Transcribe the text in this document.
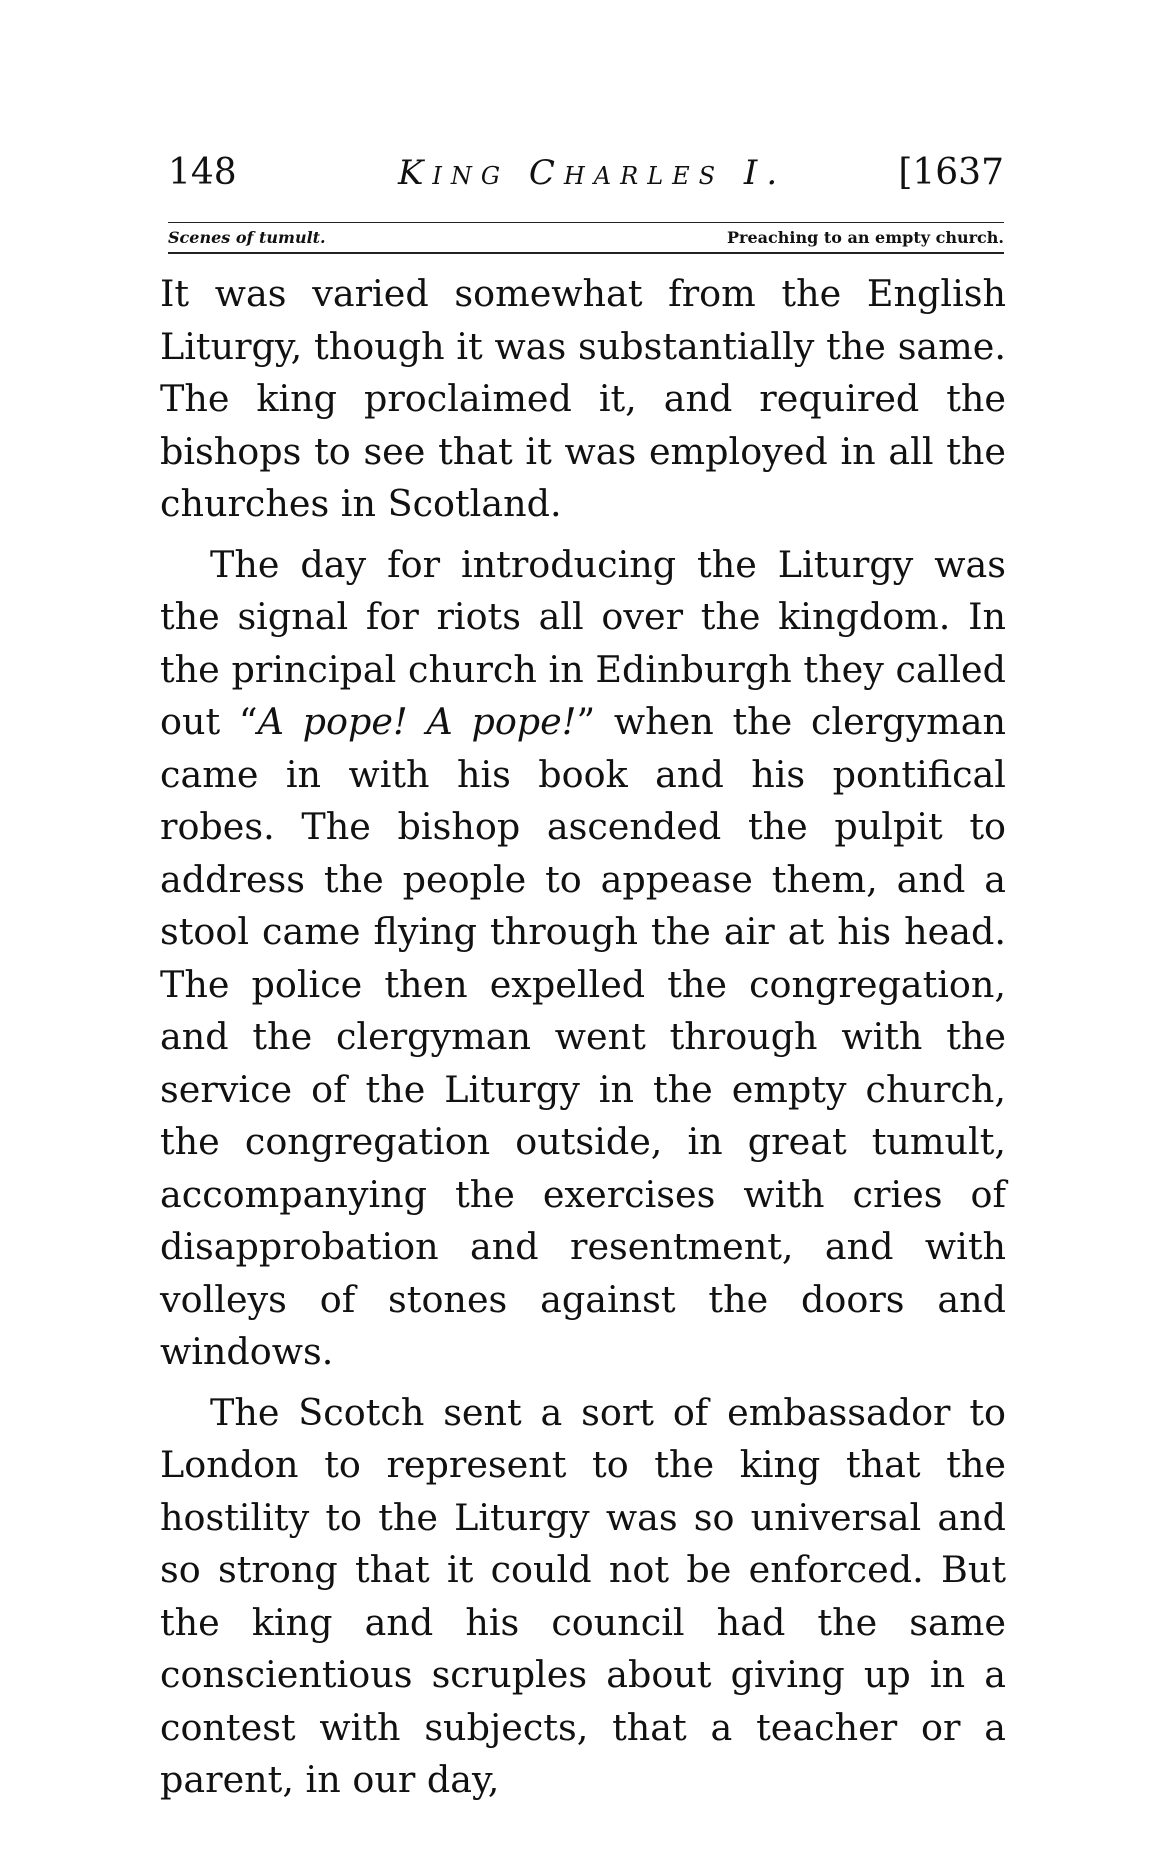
148	King Charles I.	[1637
Scenes of tumult.	Preaching to an empty church.

It was varied somewhat from the English Liturgy, though it was substantially the same. The king proclaimed it, and required the bishops to see that it was employed in all the churches in Scotland.

The day for introducing the Liturgy was the signal for riots all over the kingdom. In the principal church in Edinburgh they called out “A pope! A pope!” when the clergyman came in with his book and his pontifical robes. The bishop ascended the pulpit to address the people to appease them, and a stool came flying through the air at his head. The police then expelled the congregation, and the clergyman went through with the service of the Liturgy in the empty church, the congregation outside, in great tumult, accompanying the exercises with cries of disapprobation and resentment, and with volleys of stones against the doors and windows.

The Scotch sent a sort of embassador to London to represent to the king that the hostility to the Liturgy was so universal and so strong that it could not be enforced. But the king and his council had the same conscientious scruples about giving up in a contest with subjects, that a teacher or a parent, in our day,
